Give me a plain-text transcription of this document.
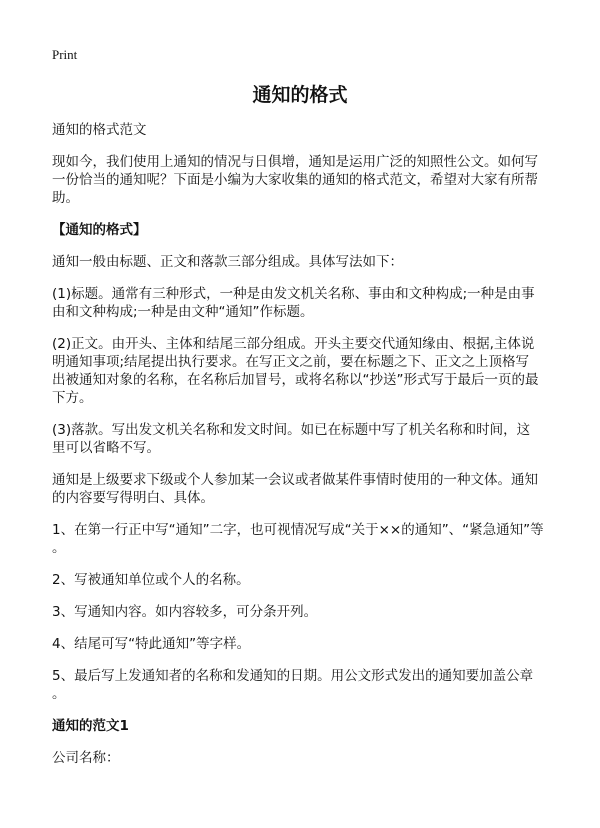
Print
通知的格式

通知的格式范文

现如今，我们使用上通知的情况与日俱增，通知是运用广泛的知照性公文。如何写
一份恰当的通知呢？下面是小编为大家收集的通知的格式范文，希望对大家有所帮
助。

【通知的格式】

通知一般由标题、正文和落款三部分组成。具体写法如下：

(1)标题。通常有三种形式，一种是由发文机关名称、事由和文种构成;一种是由事
由和文种构成;一种是由文种“通知”作标题。

(2)正文。由开头、主体和结尾三部分组成。开头主要交代通知缘由、根据,主体说
明通知事项;结尾提出执行要求。在写正文之前，要在标题之下、正文之上顶格写
出被通知对象的名称，在名称后加冒号，或将名称以“抄送”形式写于最后一页的最
下方。

(3)落款。写出发文机关名称和发文时间。如已在标题中写了机关名称和时间，这
里可以省略不写。

通知是上级要求下级或个人参加某一会议或者做某件事情时使用的一种文体。通知
的内容要写得明白、具体。

1、在第一行正中写“通知”二字，也可视情况写成“关于××的通知”、“紧急通知”等
。

2、写被通知单位或个人的名称。

3、写通知内容。如内容较多，可分条开列。

4、结尾可写“特此通知”等字样。

5、最后写上发通知者的名称和发通知的日期。用公文形式发出的通知要加盖公章
。

通知的范文1

公司名称：
